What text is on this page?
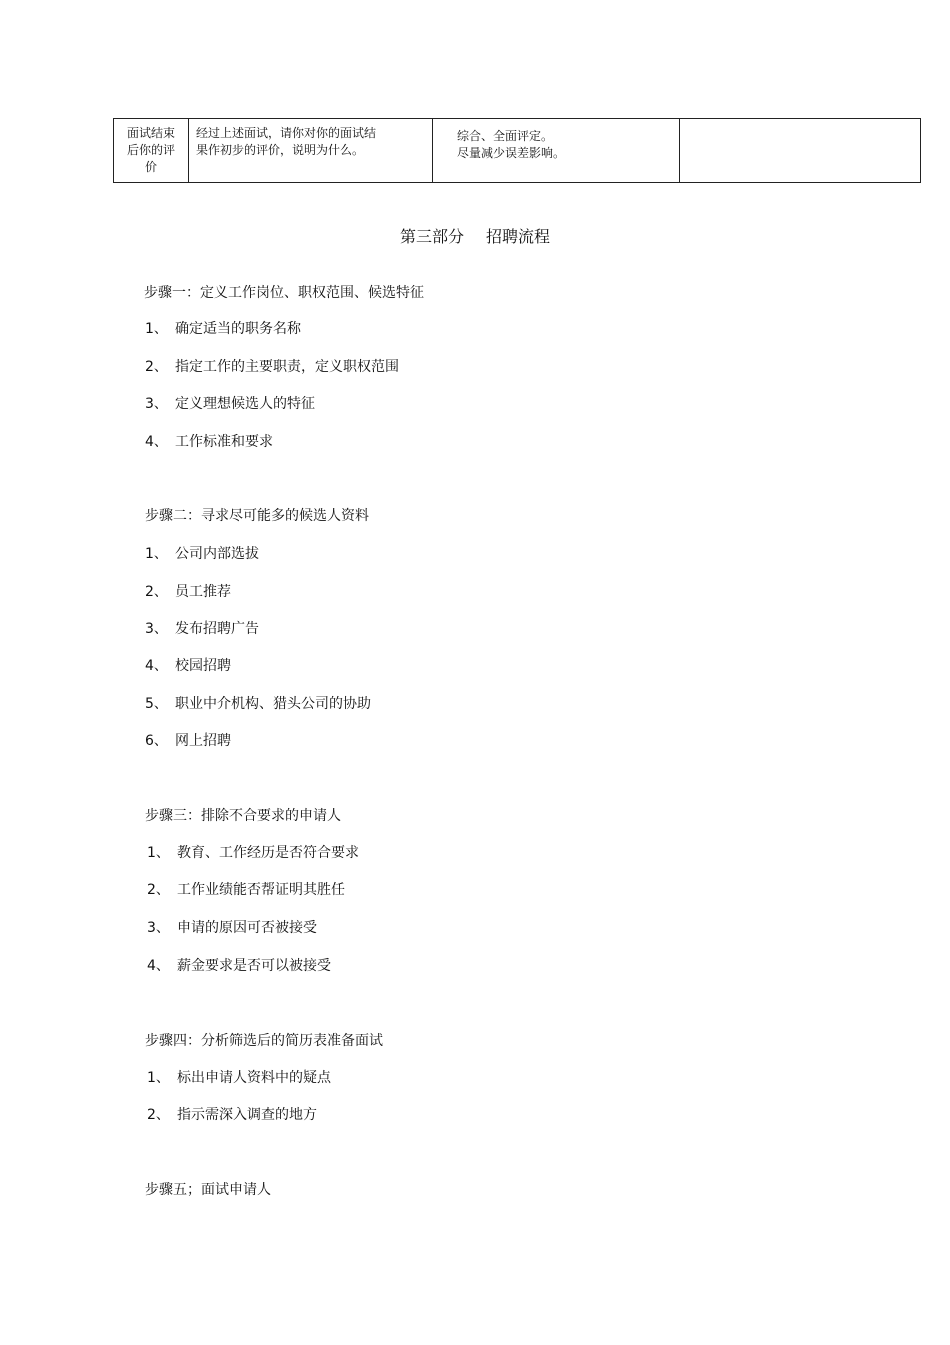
面试结束
后你的评
价

经过上述面试，请你对你的面试结
果作初步的评价，说明为什么。

综合、全面评定。
尽量减少误差影响。

第三部分 招聘流程
步骤一：定义工作岗位、职权范围、候选特征
1、 确定适当的职务名称
2、 指定工作的主要职责，定义职权范围
3、 定义理想候选人的特征
4、 工作标准和要求
步骤二：寻求尽可能多的候选人资料
1、 公司内部选拔
2、 员工推荐
3、 发布招聘广告
4、 校园招聘
5、 职业中介机构、猎头公司的协助
6、 网上招聘
步骤三：排除不合要求的申请人
1、 教育、工作经历是否符合要求
2、 工作业绩能否帮证明其胜任
3、 申请的原因可否被接受
4、 薪金要求是否可以被接受
步骤四：分析筛选后的简历表准备面试
1、 标出申请人资料中的疑点
2、 指示需深入调查的地方
步骤五；面试申请人
